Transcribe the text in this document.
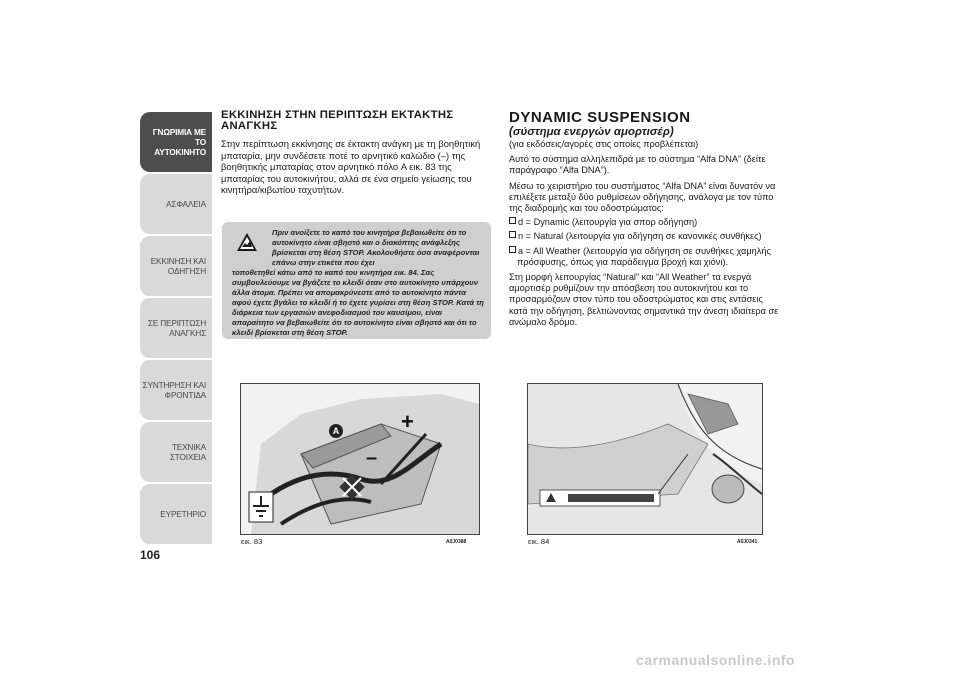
ΓΝΩΡΙΜΙΑ ΜΕ ΤΟ
ΑΥΤΟΚΙΝΗΤΟ
ΑΣΦΑΛΕΙΑ
ΕΚΚΙΝΗΣΗ ΚΑΙ
ΟΔΗΓΗΣΗ
ΣΕ ΠΕΡΙΠΤΩΣΗ
ΑΝΑΓΚΗΣ
ΣΥΝΤΗΡΗΣΗ ΚΑΙ
ΦΡΟΝΤΙΔΑ
ΤΕΧΝΙΚΑ ΣΤΟΙΧΕΙΑ
ΕΥΡΕΤΗΡΙΟ
106
ΕΚΚΙΝΗΣΗ ΣΤΗΝ ΠΕΡΙΠΤΩΣΗ ΕΚΤΑΚΤΗΣ ΑΝΑΓΚΗΣ

Στην περίπτωση εκκίνησης σε έκτακτη ανάγκη με τη βοηθητική μπαταρία, μην συνδέσετε ποτέ το αρνητικό καλώδιο (–) της βοηθητικής μπαταρίας στον αρνητικό πόλο A εικ. 83 της μπαταρίας του αυτοκινήτου, αλλά σε ένα σημείο γείωσης του κινητήρα/κιβωτίου ταχυτήτων.

Πριν ανοίξετε το καπό του κινητήρα βεβαιωθείτε ότι το αυτοκίνητο είναι σβηστό και ο διακόπτης ανάφλεξης βρίσκεται στη θέση STOP. Ακολουθήστε όσα αναφέρονται επάνω στην ετικέτα που έχει
τοποθετηθεί κάτω από το καπό του κινητήρα εικ. 84. Σας συμβουλεύουμε να βγάζετε το κλειδί όταν στο αυτοκίνητο υπάρχουν άλλα άτομα. Πρέπει να απομακρύνεστε από το αυτοκίνητο πάντα αφού έχετε βγάλει το κλειδί ή το έχετε γυρίσει στη θέση STOP. Κατά τη διάρκεια των εργασιών ανεφοδιασμού του καυσίμου, είναι απαραίτητο να βεβαιωθείτε ότι το αυτοκίνητο είναι σβηστό και ότι το κλειδί βρίσκεται στη θέση STOP.
+
–
A
εικ. 83	A0J0388
DYNAMIC SUSPENSION
(σύστημα ενεργών αμορτισέρ)

(για εκδόσεις/αγορές στις οποίες προβλέπεται)

Αυτό το σύστημα αλληλεπιδρά με το σύστημα “Alfa DNA” (δείτε παράγραφο “Alfa DNA”).

Μέσω το χειριστήριο του συστήματος “Alfa DNA” είναι δυνατόν να επιλέξετε μεταξύ δύο ρυθμίσεων οδήγησης, ανάλογα με τον τύπο της διαδρομής και του οδοστρώματος:

d = Dynamic (λειτουργία για σπορ οδήγηση)

n = Natural (λειτουργία για οδήγηση σε κανονικές συνθήκες)

a = All Weather (λειτουργία για οδήγηση σε συνθήκες χαμηλής πρόσφυσης, όπως για παράδειγμα βροχή και χιόνι).

Στη μορφή λειτουργίας “Natural” και “All Weather” τα ενεργά αμορτισέρ ρυθμίζουν την απόσβεση του αυτοκινήτου και το προσαρμόζουν στον τύπο του οδοστρώματος και στις εντάσεις κατά την οδήγηση, βελτιώνοντας σημαντικά την άνεση ιδιαίτερα σε ανώμαλο δρόμο.

εικ. 84	A0J0341
carmanualsonline.info
